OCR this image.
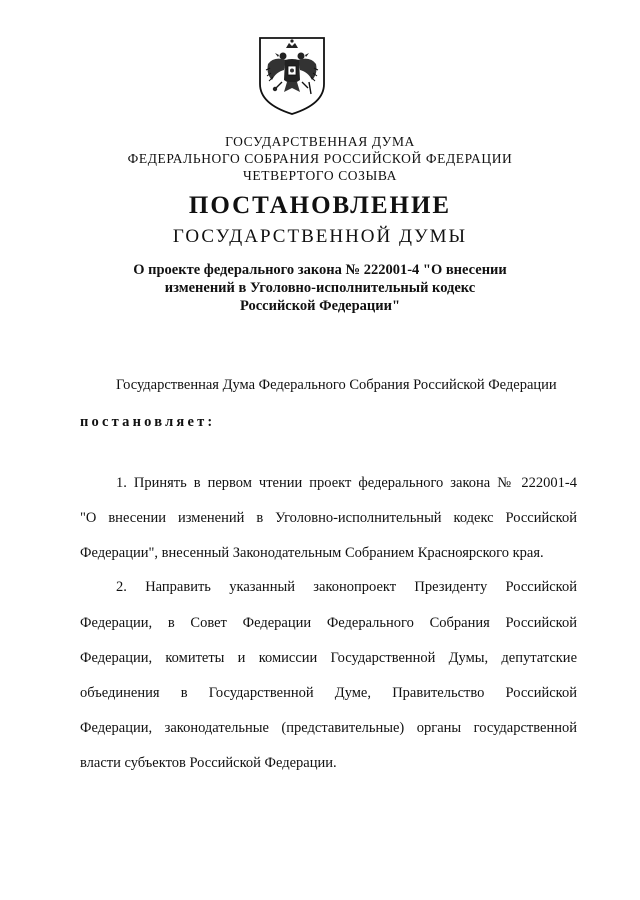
ГОСУДАРСТВЕННАЯ ДУМА
ФЕДЕРАЛЬНОГО СОБРАНИЯ РОССИЙСКОЙ ФЕДЕРАЦИИ
ЧЕТВЕРТОГО СОЗЫВА
ПОСТАНОВЛЕНИЕ
ГОСУДАРСТВЕННОЙ ДУМЫ
О проекте федерального закона № 222001-4 "О внесении
изменений в Уголовно-исполнительный кодекс
Российской Федерации"
Государственная Дума Федерального Собрания Российской Федерации
постановляет:
1. Принять в первом чтении проект федерального закона № 222001-4
"О внесении изменений в Уголовно-исполнительный кодекс Российской
Федерации", внесенный Законодательным Собранием Красноярского края.
2. Направить указанный законопроект Президенту Российской
Федерации, в Совет Федерации Федерального Собрания Российской
Федерации, комитеты и комиссии Государственной Думы, депутатские
объединения в Государственной Думе, Правительство Российской
Федерации, законодательные (представительные) органы государственной
власти субъектов Российской Федерации.
